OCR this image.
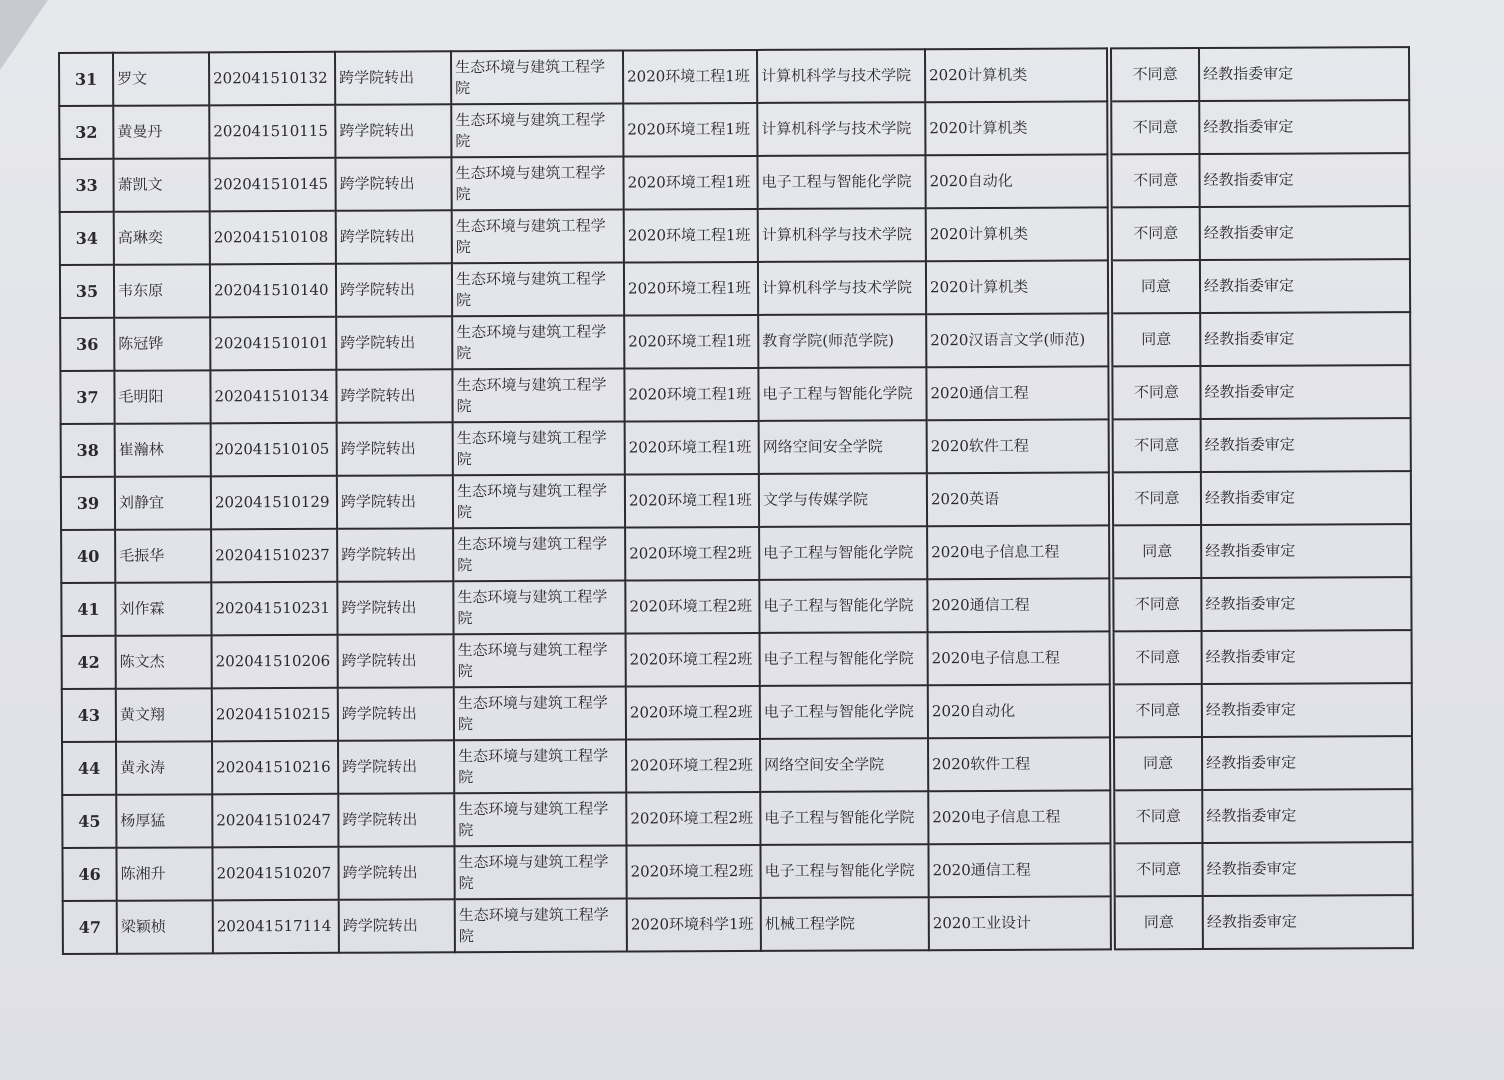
31	罗文	202041510132	跨学院转出	生态环境与建筑工程学院	2020环境工程1班	计算机科学与技术学院	2020计算机类		不同意	经教指委审定
32	黄曼丹	202041510115	跨学院转出	生态环境与建筑工程学院	2020环境工程1班	计算机科学与技术学院	2020计算机类		不同意	经教指委审定
33	萧凯文	202041510145	跨学院转出	生态环境与建筑工程学院	2020环境工程1班	电子工程与智能化学院	2020自动化		不同意	经教指委审定
34	高琳奕	202041510108	跨学院转出	生态环境与建筑工程学院	2020环境工程1班	计算机科学与技术学院	2020计算机类		不同意	经教指委审定
35	韦东原	202041510140	跨学院转出	生态环境与建筑工程学院	2020环境工程1班	计算机科学与技术学院	2020计算机类		同意	经教指委审定
36	陈冠铧	202041510101	跨学院转出	生态环境与建筑工程学院	2020环境工程1班	教育学院(师范学院)	2020汉语言文学(师范)		同意	经教指委审定
37	毛明阳	202041510134	跨学院转出	生态环境与建筑工程学院	2020环境工程1班	电子工程与智能化学院	2020通信工程		不同意	经教指委审定
38	崔瀚林	202041510105	跨学院转出	生态环境与建筑工程学院	2020环境工程1班	网络空间安全学院	2020软件工程		不同意	经教指委审定
39	刘静宜	202041510129	跨学院转出	生态环境与建筑工程学院	2020环境工程1班	文学与传媒学院	2020英语		不同意	经教指委审定
40	毛振华	202041510237	跨学院转出	生态环境与建筑工程学院	2020环境工程2班	电子工程与智能化学院	2020电子信息工程		同意	经教指委审定
41	刘作霖	202041510231	跨学院转出	生态环境与建筑工程学院	2020环境工程2班	电子工程与智能化学院	2020通信工程		不同意	经教指委审定
42	陈文杰	202041510206	跨学院转出	生态环境与建筑工程学院	2020环境工程2班	电子工程与智能化学院	2020电子信息工程		不同意	经教指委审定
43	黄文翔	202041510215	跨学院转出	生态环境与建筑工程学院	2020环境工程2班	电子工程与智能化学院	2020自动化		不同意	经教指委审定
44	黄永涛	202041510216	跨学院转出	生态环境与建筑工程学院	2020环境工程2班	网络空间安全学院	2020软件工程		同意	经教指委审定
45	杨厚猛	202041510247	跨学院转出	生态环境与建筑工程学院	2020环境工程2班	电子工程与智能化学院	2020电子信息工程		不同意	经教指委审定
46	陈湘升	202041510207	跨学院转出	生态环境与建筑工程学院	2020环境工程2班	电子工程与智能化学院	2020通信工程		不同意	经教指委审定
47	梁颖桢	202041517114	跨学院转出	生态环境与建筑工程学院	2020环境科学1班	机械工程学院	2020工业设计		同意	经教指委审定
